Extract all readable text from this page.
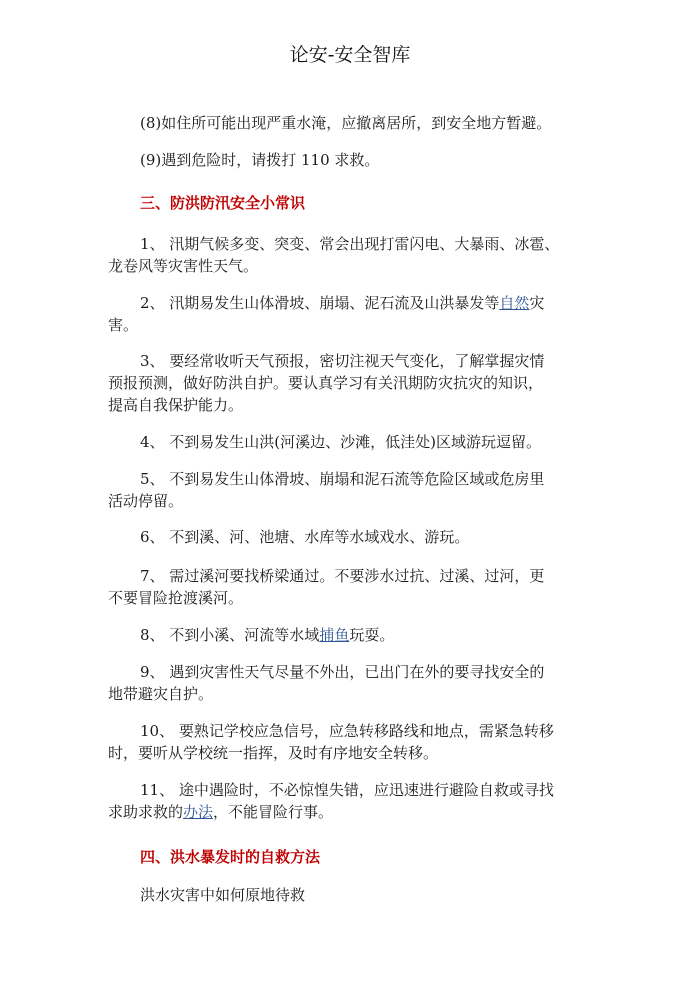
论安-安全智库
(8)如住所可能出现严重水淹，应撤离居所，到安全地方暂避。
(9)遇到危险时，请拨打 110 求救。
三、防洪防汛安全小常识
1、 汛期气候多变、突变、常会出现打雷闪电、大暴雨、冰雹、
龙卷风等灾害性天气。
2、 汛期易发生山体滑坡、崩塌、泥石流及山洪暴发等自然灾
害。
3、 要经常收听天气预报，密切注视天气变化，了解掌握灾情
预报预测，做好防洪自护。要认真学习有关汛期防灾抗灾的知识，
提高自我保护能力。
4、 不到易发生山洪(河溪边、沙滩，低洼处)区域游玩逗留。
5、 不到易发生山体滑坡、崩塌和泥石流等危险区域或危房里
活动停留。
6、 不到溪、河、池塘、水库等水域戏水、游玩。
7、 需过溪河要找桥梁通过。不要涉水过抗、过溪、过河，更
不要冒险抢渡溪河。
8、 不到小溪、河流等水域捕鱼玩耍。
9、 遇到灾害性天气尽量不外出，已出门在外的要寻找安全的
地带避灾自护。
10、 要熟记学校应急信号，应急转移路线和地点，需紧急转移
时，要听从学校统一指挥，及时有序地安全转移。
11、 途中遇险时，不必惊惶失错，应迅速进行避险自救或寻找
求助求救的办法，不能冒险行事。
四、洪水暴发时的自救方法
洪水灾害中如何原地待救
